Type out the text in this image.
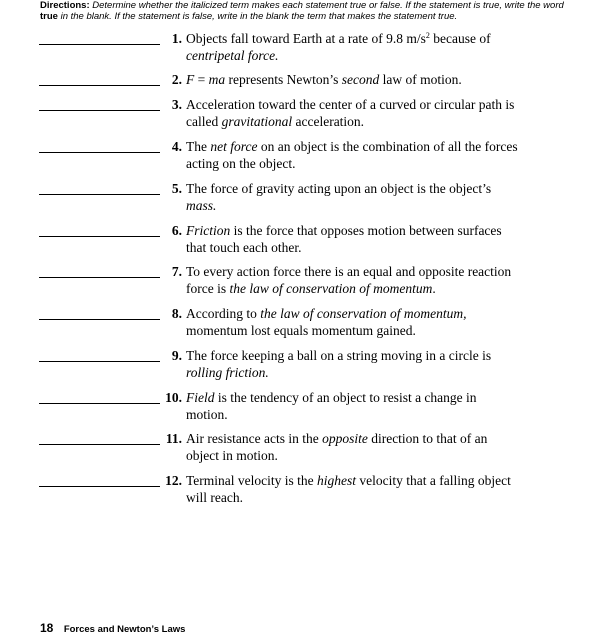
Directions: Determine whether the italicized term makes each statement true or false. If the statement is true, write the word true in the blank. If the statement is false, write in the blank the term that makes the statement true.
1. Objects fall toward Earth at a rate of 9.8 $m/s^2$ because of centripetal force.
2. F = ma represents Newton’s second law of motion.
3. Acceleration toward the center of a curved or circular path is called gravitational acceleration.
4. The net force on an object is the combination of all the forces acting on the object.
5. The force of gravity acting upon an object is the object’s mass.
6. Friction is the force that opposes motion between surfaces that touch each other.
7. To every action force there is an equal and opposite reaction force is the law of conservation of momentum.
8. According to the law of conservation of momentum, momentum lost equals momentum gained.
9. The force keeping a ball on a string moving in a circle is rolling friction.
10. Field is the tendency of an object to resist a change in motion.
11. Air resistance acts in the opposite direction to that of an object in motion.
12. Terminal velocity is the highest velocity that a falling object will reach.
18 Forces and Newton’s Laws
